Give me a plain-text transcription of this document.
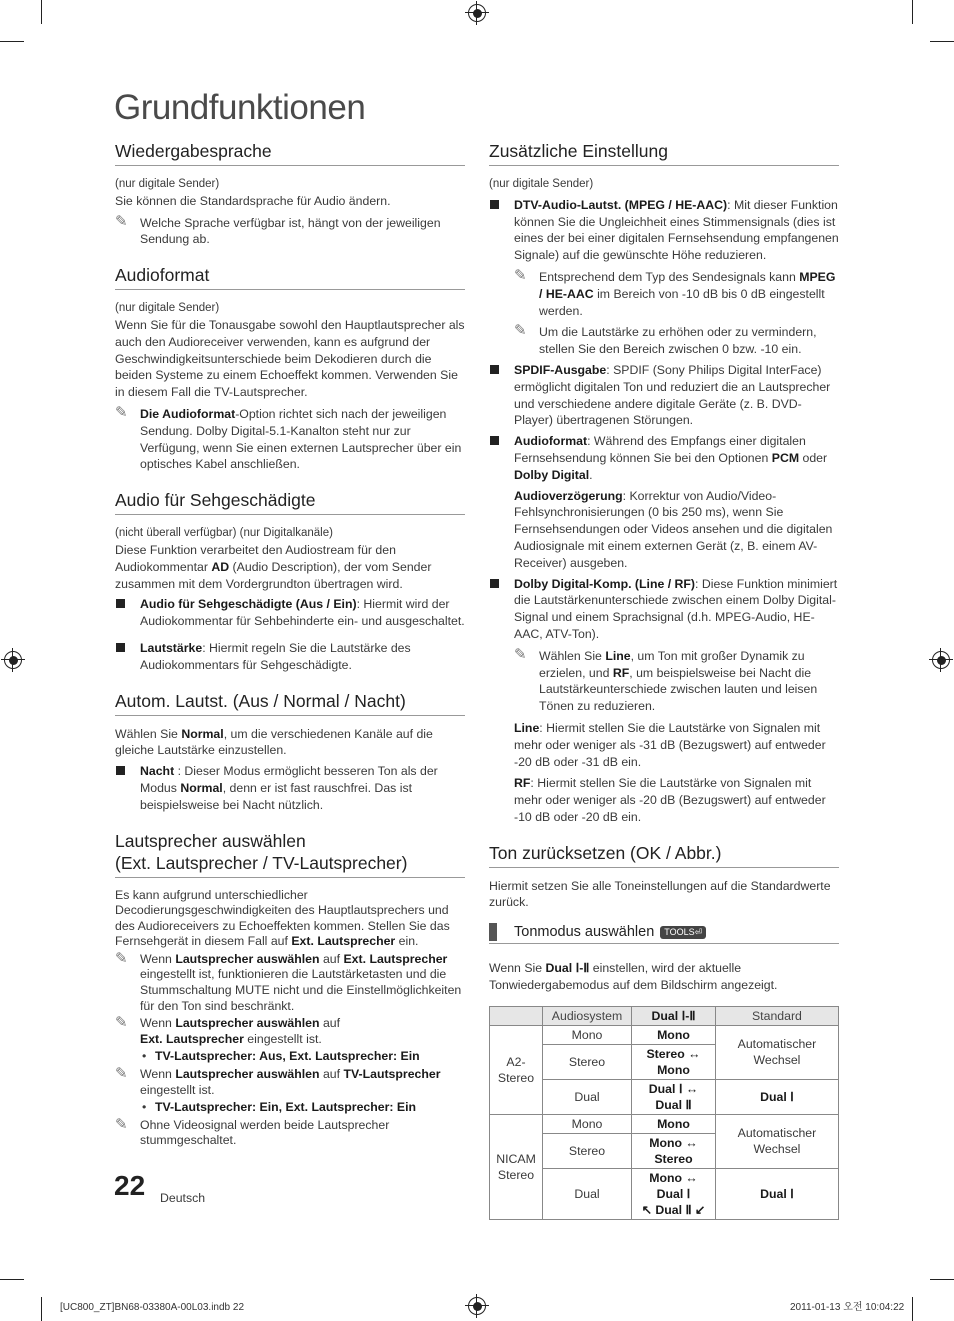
Grundfunktionen
Wiedergabesprache

(nur digitale Sender)

Sie können die Standardsprache für Audio ändern.

✎ Welche Sprache verfügbar ist, hängt von der jeweiligen Sendung ab.
Audioformat

(nur digitale Sender)

Wenn Sie für die Tonausgabe sowohl den Hauptlautsprecher als auch den Audioreceiver verwenden, kann es aufgrund der Geschwindigkeitsunterschiede beim Dekodieren durch die beiden Systeme zu einem Echoeffekt kommen. Verwenden Sie in diesem Fall die TV-Lautsprecher.

✎ Die Audioformat-Option richtet sich nach der jeweiligen Sendung. Dolby Digital-5.1-Kanalton steht nur zur Verfügung, wenn Sie einen externen Lautsprecher über ein optisches Kabel anschließen.
Audio für Sehgeschädigte

(nicht überall verfügbar) (nur Digitalkanäle)

Diese Funktion verarbeitet den Audiostream für den Audiokommentar AD (Audio Description), der vom Sender zusammen mit dem Vordergrundton übertragen wird.

Audio für Sehgeschädigte (Aus / Ein): Hiermit wird der Audiokommentar für Sehbehinderte ein- und ausgeschaltet.
Lautstärke: Hiermit regeln Sie die Lautstärke des Audiokommentars für Sehgeschädigte.
Autom. Lautst. (Aus / Normal / Nacht)

Wählen Sie Normal, um die verschiedenen Kanäle auf die gleiche Lautstärke einzustellen.

Nacht : Dieser Modus ermöglicht besseren Ton als der Modus Normal, denn er ist fast rauschfrei. Das ist beispielsweise bei Nacht nützlich.
Lautsprecher auswählen
(Ext. Lautsprecher / TV-Lautsprecher)

Es kann aufgrund unterschiedlicher Decodierungsgeschwindigkeiten des Hauptlautsprechers und des Audioreceivers zu Echoeffekten kommen. Stellen Sie das Fernsehgerät in diesem Fall auf Ext. Lautsprecher ein.

✎ Wenn Lautsprecher auswählen auf Ext. Lautsprecher eingestellt ist, funktionieren die Lautstärketasten und die Stummschaltung MUTE nicht und die Einstellmöglichkeiten für den Ton sind beschränkt.
✎ Wenn Lautsprecher auswählen auf
Ext. Lautsprecher eingestellt ist.
• TV-Lautsprecher: Aus, Ext. Lautsprecher: Ein
✎ Wenn Lautsprecher auswählen auf TV-Lautsprecher eingestellt ist.
• TV-Lautsprecher: Ein, Ext. Lautsprecher: Ein
✎ Ohne Videosignal werden beide Lautsprecher stummgeschaltet.
Zusätzliche Einstellung

(nur digitale Sender)

DTV-Audio-Lautst. (MPEG / HE-AAC): Mit dieser Funktion können Sie die Ungleichheit eines Stimmensignals (dies ist eines der bei einer digitalen Fernsehsendung empfangenen Signale) auf die gewünschte Höhe reduzieren.
✎ Entsprechend dem Typ des Sendesignals kann MPEG / HE-AAC im Bereich von -10 dB bis 0 dB eingestellt werden.
✎ Um die Lautstärke zu erhöhen oder zu vermindern, stellen Sie den Bereich zwischen 0 bzw. -10 ein.
SPDIF-Ausgabe: SPDIF (Sony Philips Digital InterFace) ermöglicht digitalen Ton und reduziert die an Lautsprecher und verschiedene andere digitale Geräte (z. B. DVD-Player) übertragenen Störungen.
Audioformat: Während des Empfangs einer digitalen Fernsehsendung können Sie bei den Optionen PCM oder Dolby Digital.

Audioverzögerung: Korrektur von Audio/Video-Fehlsynchronisierungen (0 bis 250 ms), wenn Sie Fernsehsendungen oder Videos ansehen und die digitalen Audiosignale mit einem externen Gerät (z, B. einem AV-Receiver) ausgeben.

Dolby Digital-Komp. (Line / RF): Diese Funktion minimiert die Lautstärkenunterschiede zwischen einem Dolby Digital-Signal und einem Sprachsignal (d.h. MPEG-Audio, HE-AAC, ATV-Ton).
✎ Wählen Sie Line, um Ton mit großer Dynamik zu erzielen, und RF, um beispielsweise bei Nacht die Lautstärkeunterschiede zwischen lauten und leisen Tönen zu reduzieren.

Line: Hiermit stellen Sie die Lautstärke von Signalen mit mehr oder weniger als -31 dB (Bezugswert) auf entweder -20 dB oder -31 dB ein.

RF: Hiermit stellen Sie die Lautstärke von Signalen mit mehr oder weniger als -20 dB (Bezugswert) auf entweder -10 dB oder -20 dB ein.

Ton zurücksetzen (OK / Abbr.)

Hiermit setzen Sie alle Toneinstellungen auf die Standardwerte zurück.

Tonmodus auswählen	TOOLS⏎

Wenn Sie Dual Ⅰ-Ⅱ einstellen, wird der aktuelle Tonwiedergabemodus auf dem Bildschirm angezeigt.

	Audiosystem	Dual Ⅰ-Ⅱ	Standard
A2-
Stereo	Mono	Mono	Automatischer Wechsel
	Stereo	Stereo ↔ Mono	
	Dual	Dual Ⅰ ↔ Dual Ⅱ	Dual Ⅰ
NICAM
Stereo	Mono	Mono	Automatischer Wechsel
	Stereo	Mono ↔ Stereo	
	Dual	Mono ↔ Dual Ⅰ
↖ Dual Ⅱ ↙	Dual Ⅰ
22 Deutsch
[UC800_ZT]BN68-03380A-00L03.indb 22	2011-01-13 오전 10:04:22
